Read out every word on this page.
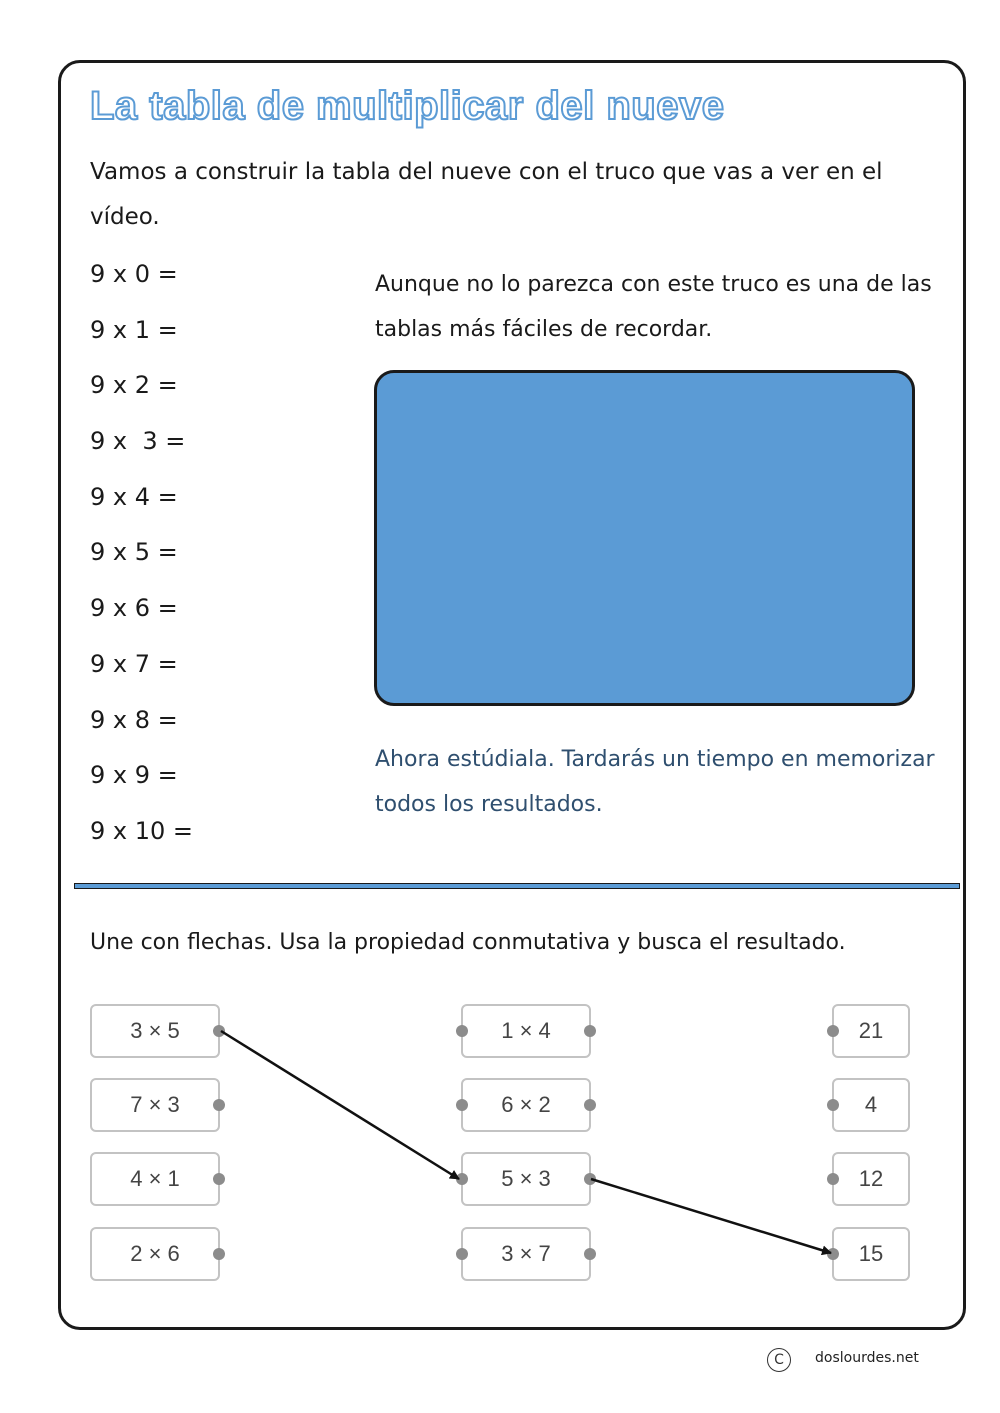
La tabla de multiplicar del nueve

Vamos a construir la tabla del nueve con el truco que vas a ver en el vídeo.

9 x 0 =
9 x 1 =
9 x 2 =
9 x  3 =
9 x 4 =
9 x 5 =
9 x 6 =
9 x 7 =
9 x 8 =
9 x 9 =
9 x 10 =

Aunque no lo parezca con este truco es una de las tablas más fáciles de recordar.

Ahora estúdiala. Tardarás un tiempo en memorizar todos los resultados.

Une con flechas. Usa la propiedad conmutativa y busca el resultado.

3 × 5
7 × 3
4 × 1
2 × 6
1 × 4
6 × 2
5 × 3
3 × 7
21
4
12
15
C	doslourdes.net
